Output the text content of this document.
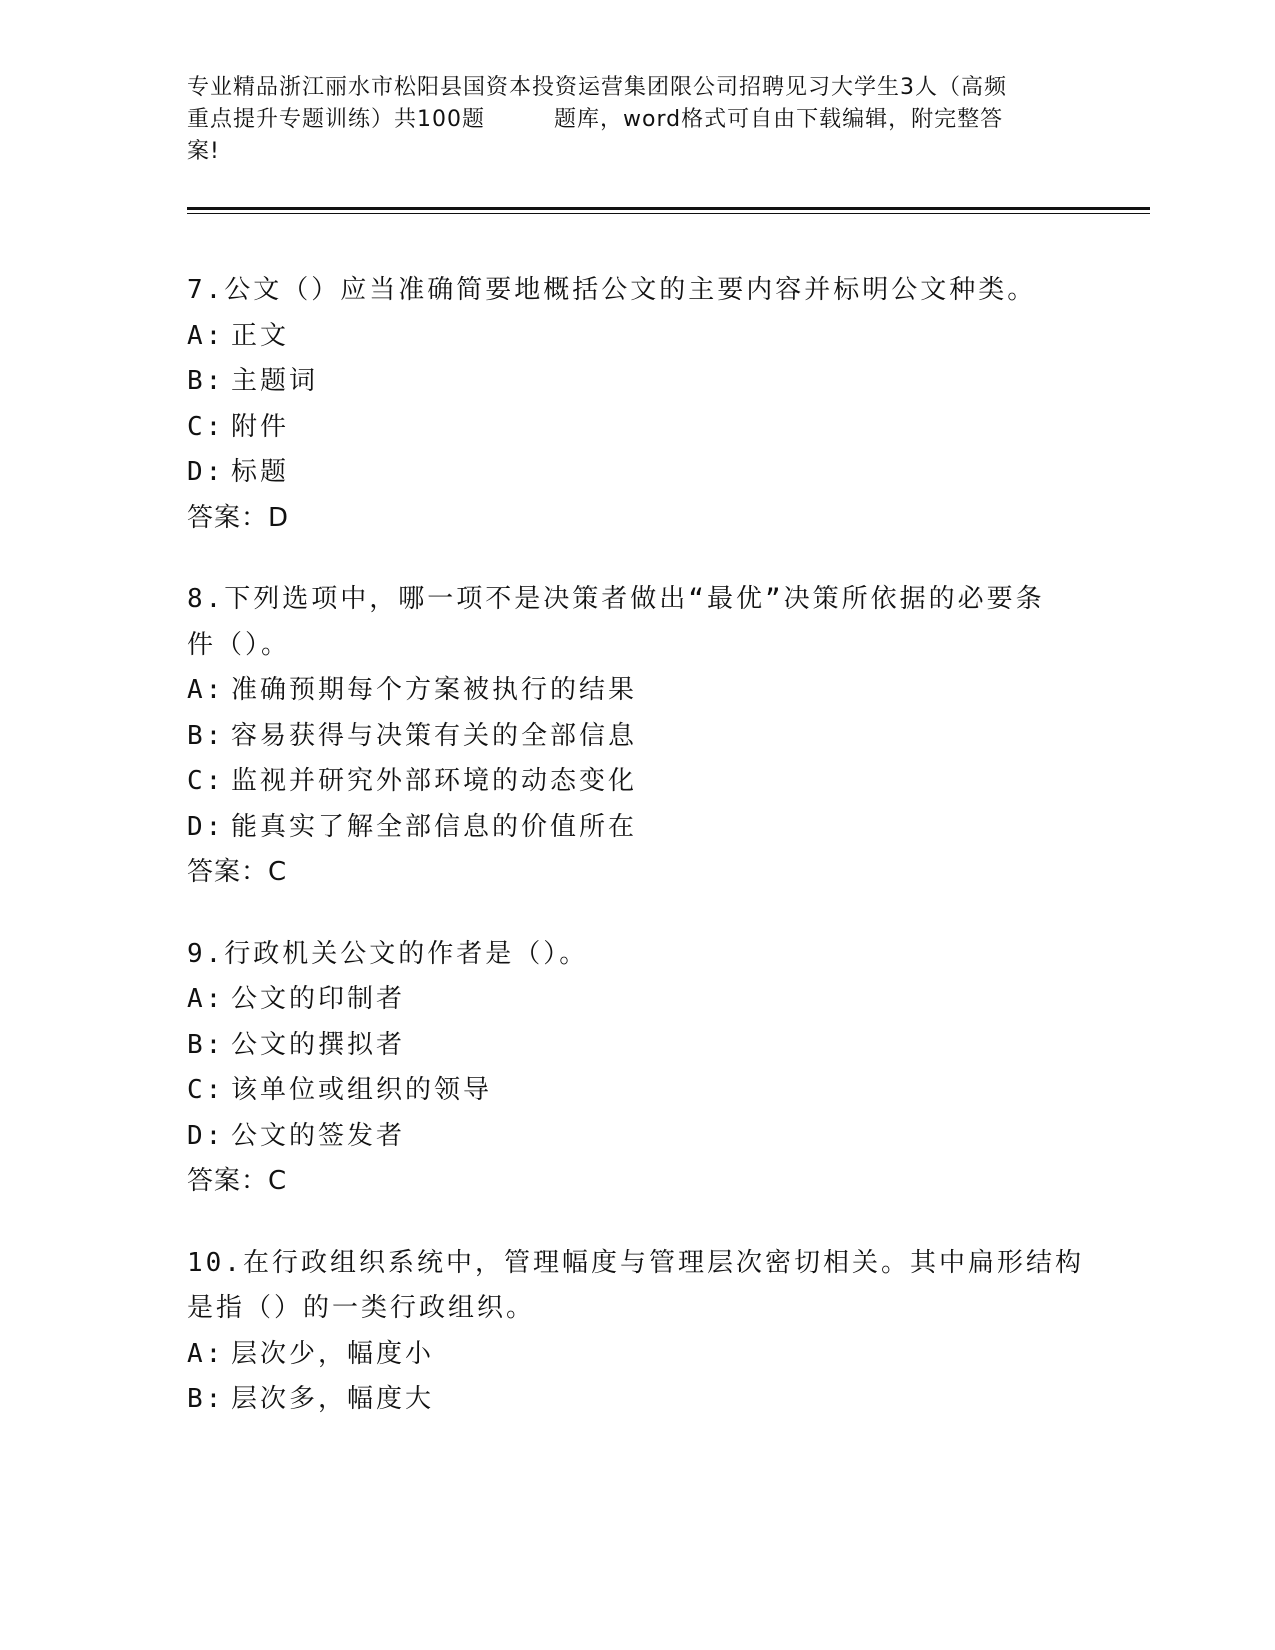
专业精品浙江丽水市松阳县国资本投资运营集团限公司招聘见习大学生3人（高频
重点提升专题训练）共100题　　　题库，word格式可自由下载编辑，附完整答
案!
7.公文（）应当准确简要地概括公文的主要内容并标明公文种类。
A: 正文
B: 主题词
C: 附件
D: 标题
答案：D
8.下列选项中，哪一项不是决策者做出“最优”决策所依据的必要条
件（）。
A: 准确预期每个方案被执行的结果
B: 容易获得与决策有关的全部信息
C: 监视并研究外部环境的动态变化
D: 能真实了解全部信息的价值所在
答案：C
9.行政机关公文的作者是（）。
A: 公文的印制者
B: 公文的撰拟者
C: 该单位或组织的领导
D: 公文的签发者
答案：C
10.在行政组织系统中，管理幅度与管理层次密切相关。其中扁形结构
是指（）的一类行政组织。
A: 层次少，幅度小
B: 层次多，幅度大
